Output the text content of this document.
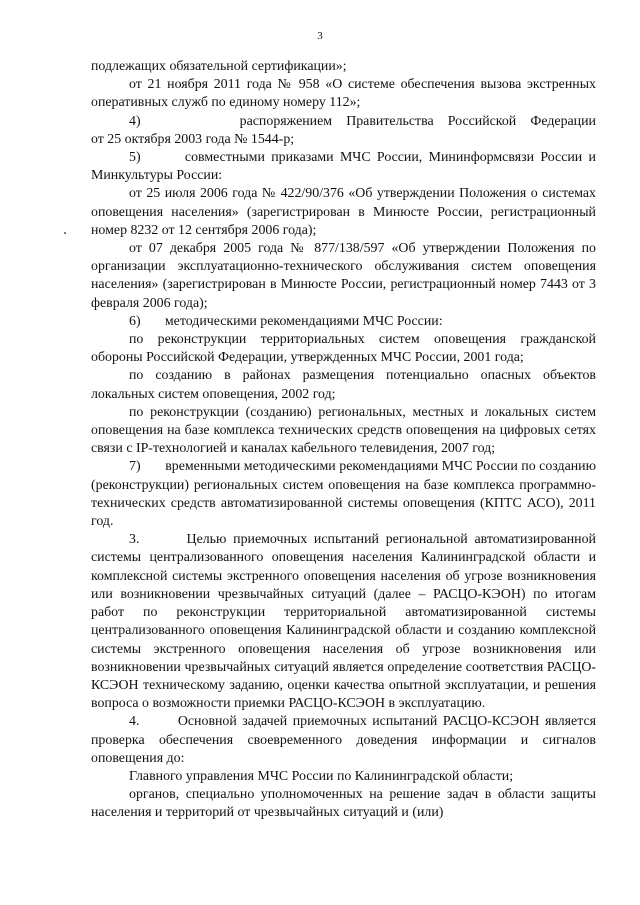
3

подлежащих обязательной сертификации»;

от 21 ноября 2011 года № 958 «О системе обеспечения вызова экстренных оперативных служб по единому номеру 112»;

4)       распоряжением Правительства Российской Федерации

от 25 октября 2003 года № 1544-р;

5)       совместными приказами МЧС России, Мининформсвязи России и Минкультуры России:

от 25 июля 2006 года № 422/90/376 «Об утверждении Положения о системах оповещения населения» (зарегистрирован в Минюсте России, регистрационный номер 8232 от 12 сентября 2006 года);

от 07 декабря 2005 года № 877/138/597 «Об утверждении Положения по организации эксплуатационно-технического обслуживания систем оповещения населения» (зарегистрирован в Минюсте России, регистрационный номер 7443 от 3 февраля 2006 года);

6)       методическими рекомендациями МЧС России:

по реконструкции территориальных систем оповещения гражданской обороны Российской Федерации, утвержденных МЧС России, 2001 года;

по созданию в районах размещения потенциально опасных объектов локальных систем оповещения, 2002 год;

по реконструкции (созданию) региональных, местных и локальных систем оповещения на базе комплекса технических средств оповещения на цифровых сетях связи с IP-технологией и каналах кабельного телевидения, 2007 год;

7)       временными методическими рекомендациями МЧС России по созданию (реконструкции) региональных систем оповещения на базе комплекса программно-технических средств автоматизированной системы оповещения (КПТС АСО), 2011 год.

3.       Целью приемочных испытаний региональной автоматизированной системы централизованного оповещения населения Калининградской области и комплексной системы экстренного оповещения населения об угрозе возникновения или возникновении чрезвычайных ситуаций (далее – РАСЦО-КЭОН) по итогам работ по реконструкции территориальной автоматизированной системы централизованного оповещения Калининградской области и созданию комплексной системы экстренного оповещения населения об угрозе возникновения или возникновении чрезвычайных ситуаций является определение соответствия РАСЦО-КСЭОН техническому заданию, оценки качества опытной эксплуатации, и решения вопроса о возможности приемки РАСЦО-КСЭОН в эксплуатацию.

4.       Основной задачей приемочных испытаний РАСЦО-КСЭОН является проверка обеспечения своевременного доведения информации и сигналов оповещения до:

Главного управления МЧС России по Калининградской области;

органов, специально уполномоченных на решение задач в области защиты населения и территорий от чрезвычайных ситуаций и (или)
